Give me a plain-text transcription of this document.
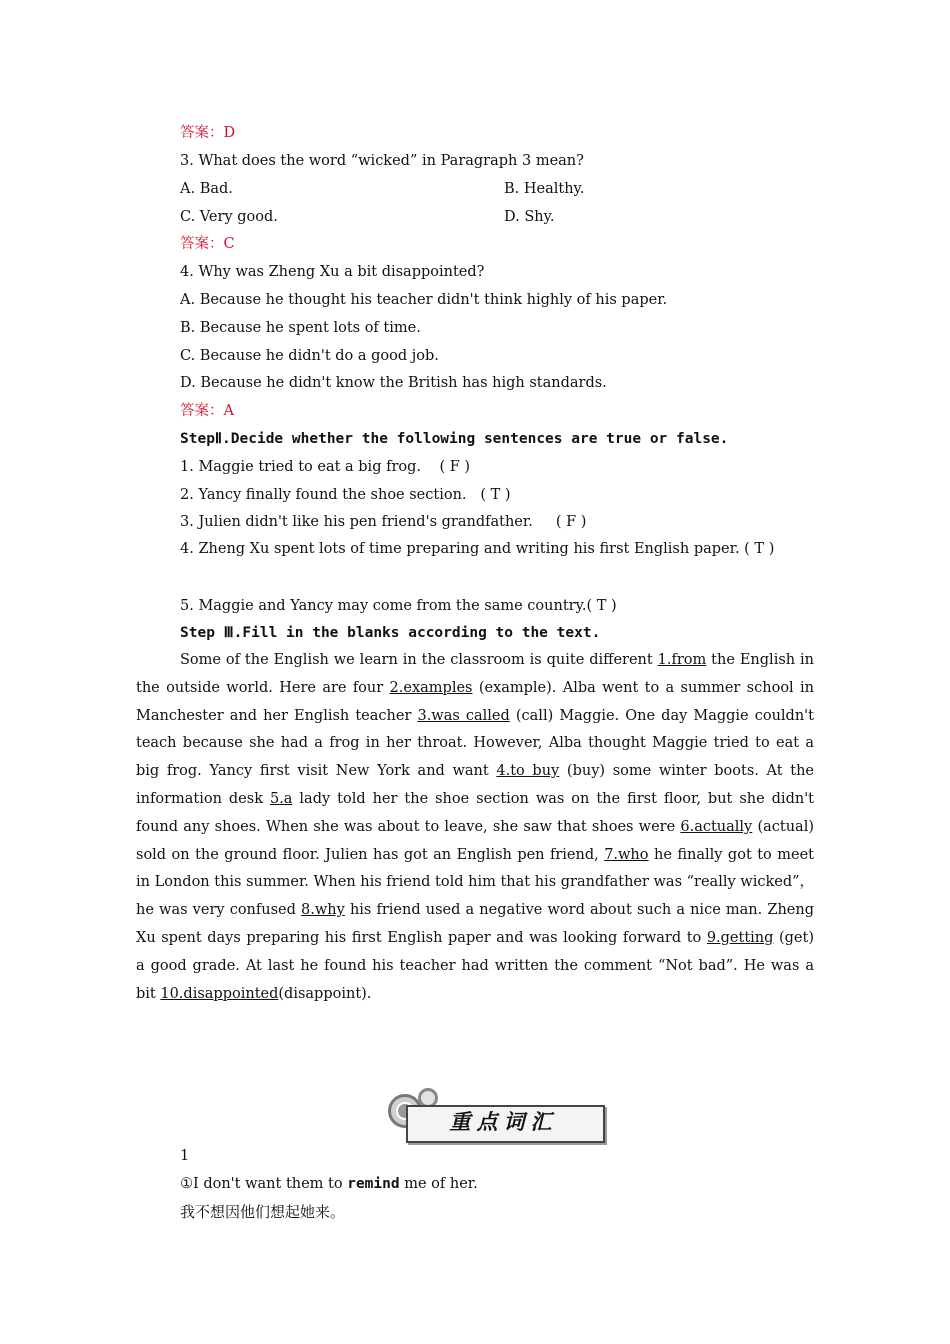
答案：D
3. What does the word “wicked” in Paragraph 3 mean?
A. Bad.	B. Healthy.
C. Very good.	D. Shy.
答案：C
4. Why was Zheng Xu a bit disappointed?
A. Because he thought his teacher didn't think highly of his paper.
B. Because he spent lots of time.
C. Because he didn't do a good job.
D. Because he didn't know the British has high standards.
答案：A
StepⅡ.Decide whether the following sentences are true or false.
1. Maggie tried to eat a big frog.    ( F )
2. Yancy finally found the shoe section.   ( T )
3. Julien didn't like his pen friend's grandfather.     ( F )
4. Zheng Xu spent lots of time preparing and writing his first English paper. ( T )
5. Maggie and Yancy may come from the same country.( T )
Step Ⅲ.Fill in the blanks according to the text.
Some of the English we learn in the classroom is quite different 1.from the English in the outside world. Here are four 2.examples (example). Alba went to a summer school in Manchester and her English teacher 3.was called (call) Maggie. One day Maggie couldn't teach because she had a frog in her throat. However, Alba thought Maggie tried to eat a big frog. Yancy first visit New York and want 4.to buy (buy) some winter boots. At the information desk 5.a lady told her the shoe section was on the first floor, but she didn't found any shoes. When she was about to leave, she saw that shoes were 6.actually (actual) sold on the ground floor. Julien has got an English pen friend, 7.who he finally got to meet in London this summer. When his friend told him that his grandfather was “really wicked”， he was very confused 8.why his friend used a negative word about such a nice man. Zheng Xu spent days preparing his first English paper and was looking forward to 9.getting (get) a good grade. At last he found his teacher had written the comment “Not bad”. He was a bit 10.disappointed(disappoint).
重点词汇
1
①I don't want them to remind me of her.
我不想因他们想起她来。
